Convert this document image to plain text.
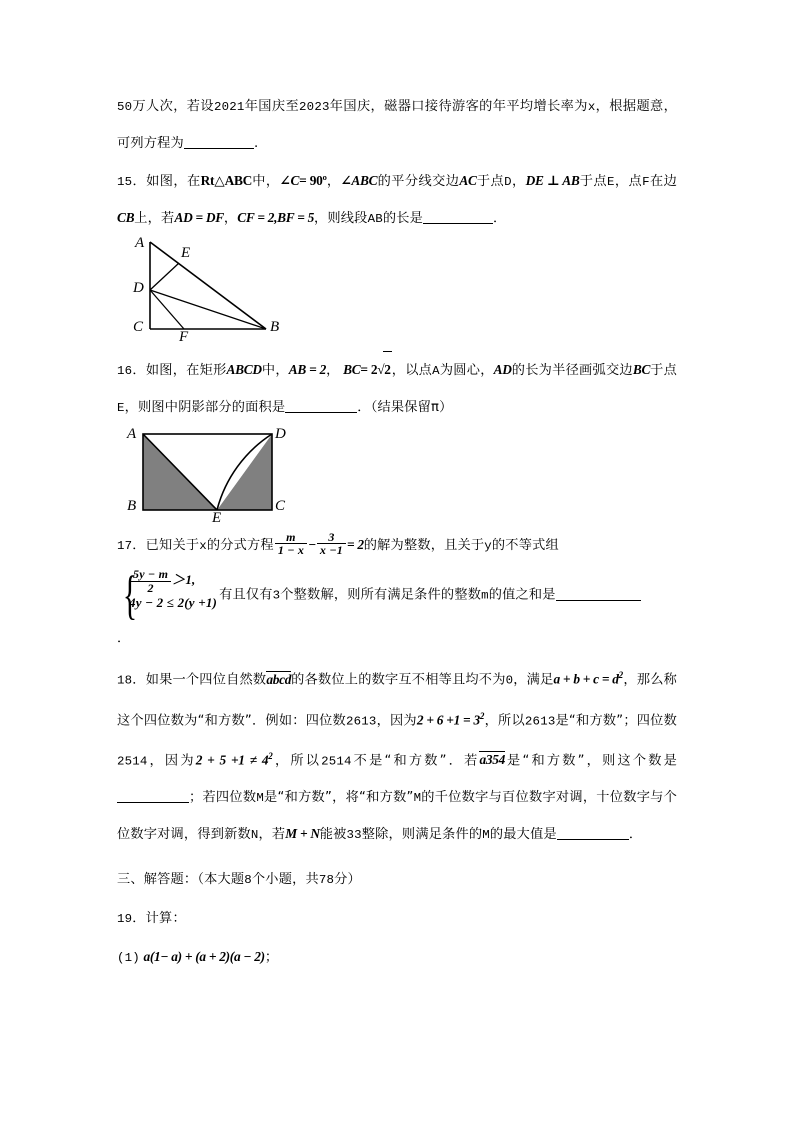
50万人次，若设2021年国庆至2023年国庆，磁器口接待游客的年平均增长率为x，根据题意，可列方程为	.

15．如图，在Rt△ABC中，∠C= 90º，∠ABC的平分线交边AC于点D，DE ⊥ AB于点E，点F在边CB上，若AD = DF，CF = 2,BF = 5，则线段AB的长是	．

A
E
D
C
F
B

16．如图，在矩形ABCD中，AB = 2， BC= 2√2，以点A为圆心，AD的长为半径画弧交边BC于点E，则图中阴影部分的面积是	．（结果保留π）

A	D
B
E
C

17．已知关于x的分式方程 $\frac{m}{1 - x} - \frac{3}{x -1} = 2$的解为整数，且关于y的不等式组

{
$\frac{5y - m}{2} >1$,
4y − 2 ≤ 2(y +1)
有且仅有3个整数解，则所有满足条件的整数m的值之和是

．

18．如果一个四位自然数abcd的各数位上的数字互不相等且均不为0，满足$a + b + c = d^2$，那么称这个四位数为“和方数”．例如：四位数2613，因为$2 + 6 +1 = 3^2$，所以2613是“和方数”；四位数2514，因为$2 + 5 +1 \ne 4^2$，所以2514不是“和方数”．若a354是“和方数”，则这个数是；若四位数M是“和方数”，将“和方数”M的千位数字与百位数字对调，十位数字与个位数字对调，得到新数N，若M + N能被33整除，则满足条件的M的最大值是	．

三、解答题：（本大题8个小题，共78分）

19．计算：

(1) a(1− a) + (a + 2)(a − 2)；
